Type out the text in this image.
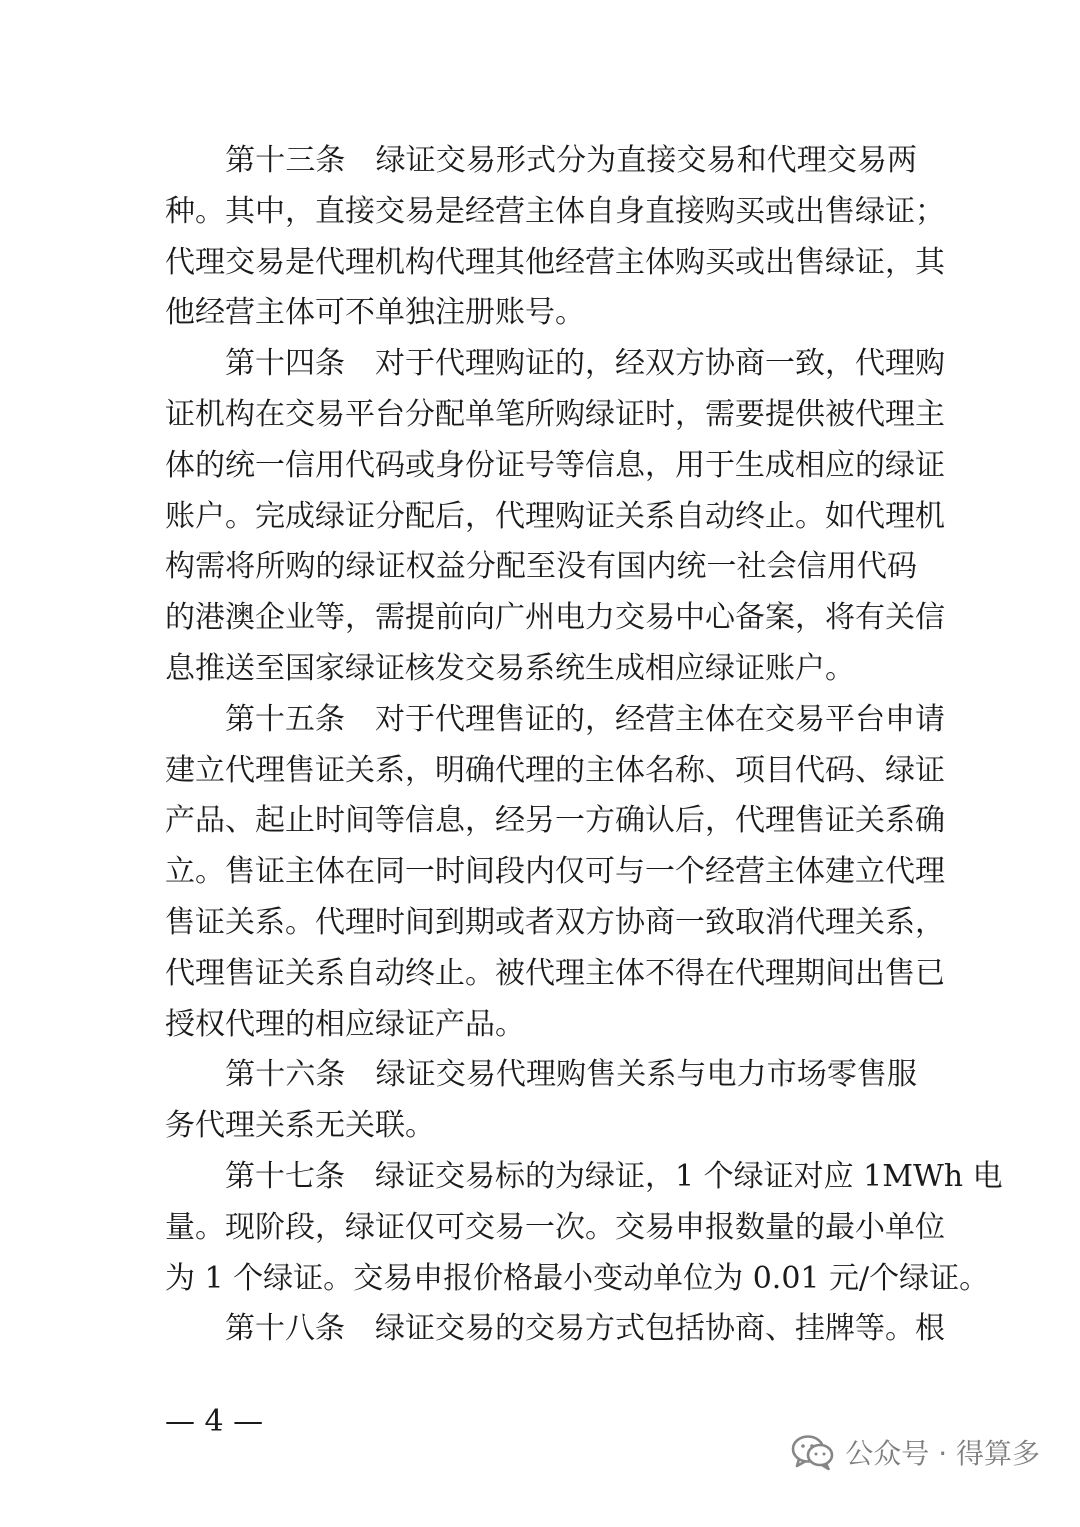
　　第十三条　绿证交易形式分为直接交易和代理交易两
种。其中，直接交易是经营主体自身直接购买或出售绿证；
代理交易是代理机构代理其他经营主体购买或出售绿证，其
他经营主体可不单独注册账号。
　　第十四条　对于代理购证的，经双方协商一致，代理购
证机构在交易平台分配单笔所购绿证时，需要提供被代理主
体的统一信用代码或身份证号等信息，用于生成相应的绿证
账户。完成绿证分配后，代理购证关系自动终止。如代理机
构需将所购的绿证权益分配至没有国内统一社会信用代码
的港澳企业等，需提前向广州电力交易中心备案，将有关信
息推送至国家绿证核发交易系统生成相应绿证账户。
　　第十五条　对于代理售证的，经营主体在交易平台申请
建立代理售证关系，明确代理的主体名称、项目代码、绿证
产品、起止时间等信息，经另一方确认后，代理售证关系确
立。售证主体在同一时间段内仅可与一个经营主体建立代理
售证关系。代理时间到期或者双方协商一致取消代理关系，
代理售证关系自动终止。被代理主体不得在代理期间出售已
授权代理的相应绿证产品。
　　第十六条　绿证交易代理购售关系与电力市场零售服
务代理关系无关联。
　　第十七条　绿证交易标的为绿证，1 个绿证对应 1MWh 电
量。现阶段，绿证仅可交易一次。交易申报数量的最小单位
为 1 个绿证。交易申报价格最小变动单位为 0.01 元/个绿证。
　　第十八条　绿证交易的交易方式包括协商、挂牌等。根
— 4 —
公众号 · 得算多
